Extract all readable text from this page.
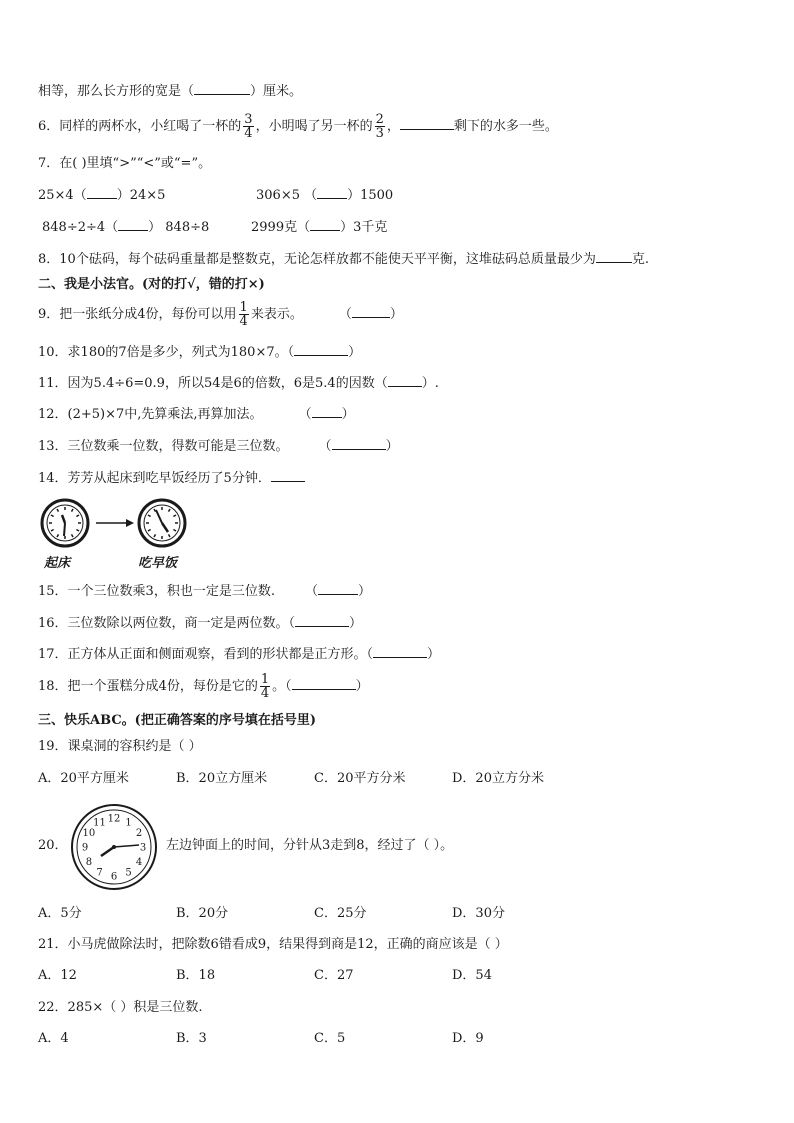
相等，那么长方形的宽是（	）厘米。
6．同样的两杯水，小红喝了一杯的 $\frac{3}{4}$ ，小明喝了另一杯的 $\frac{2}{3}$ ，	剩下的水多一些。
7．在( )里填“>”“<”或“=”。
25×4（ ）24×5	306×5 （ ）1500
848÷2÷4（ ） 848÷8	2999克（ ）3千克
8．10个砝码，每个砝码重量都是整数克，无论怎样放都不能使天平平衡，这堆砝码总质量最少为	克.
二、我是小法官。(对的打√，错的打×)
9．把一张纸分成4份，每份可以用 $\frac{1}{4}$ 来表示。	（	）
10．求180的7倍是多少，列式为180×7。（	）
11．因为5.4÷6=0.9，所以54是6的倍数，6是5.4的因数（	）.
12．(2+5)×7中,先算乘法,再算加法。	（ ）
13．三位数乘一位数，得数可能是三位数。 （	）
14．芳芳从起床到吃早饭经历了5分钟．
起床	吃早饭
15．一个三位数乘3，积也一定是三位数. （	）
16．三位数除以两位数，商一定是两位数。（	）
17．正方体从正面和侧面观察，看到的形状都是正方形。（	）
18．把一个蛋糕分成4份，每份是它的 $\frac{1}{4}$ 。（	）
三、快乐ABC。(把正确答案的序号填在括号里)
19．课桌洞的容积约是（ ）
A．20平方厘米	B．20立方厘米	C．20平方分米	D．20立方分米
20．
12 1
2
3
4
5
6
7
8
9
10
11
左边钟面上的时间，分针从3走到8，经过了（ ）。
A．5分	B．20分	C．25分	D．30分
21．小马虎做除法时，把除数6错看成9，结果得到商是12，正确的商应该是（ ）
A．12	B．18	C．27	D．54
22．285×（ ）积是三位数.
A．4	B．3	C．5	D．9
